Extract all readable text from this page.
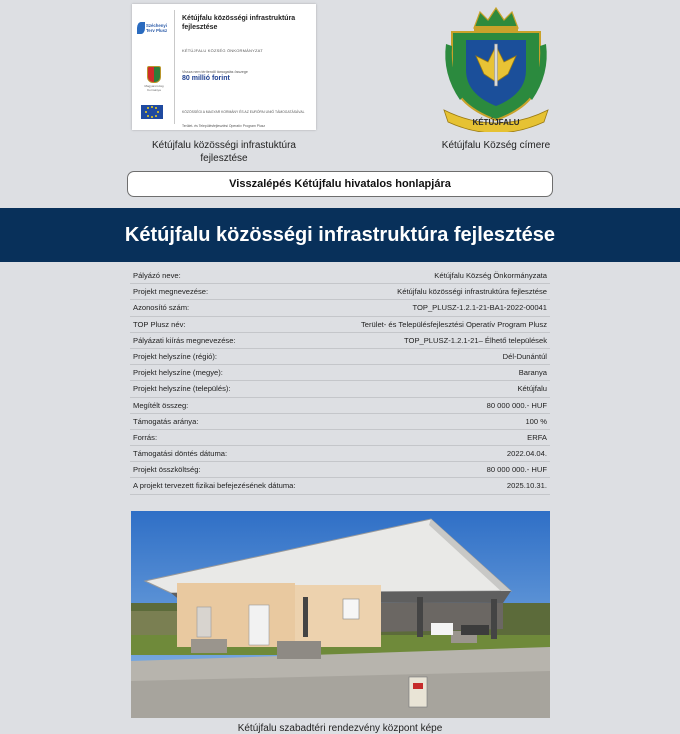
Széchenyi Terv Plusz
Kétújfalu közösségi infrastruktúra fejlesztése
KÉTÚJFALU KÖZSÉG ÖNKORMÁNYZAT
Vissza nem térítendő támogatás összege
80 millió forint
Magyarország Kormánya
KÖZÖSSÉGI A MAGYAR KORMÁNY ÉS AZ EURÓPAI UNIÓ TÁMOGATÁSÁVAL
Terület- és Településfejlesztési Operatív Program Plusz	KÉTÚJFALU
Kétújfalu közösségi infrastuktúra fejlesztése
Kétújfalu Község címere
Visszalépés Kétújfalu hivatalos honlapjára
Kétújfalu közösségi infrastruktúra fejlesztése
Pályázó neve:	Kétújfalu Község Önkormányzata
Projekt megnevezése:	Kétújfalu közösségi infrastruktúra fejlesztése
Azonosító szám:	TOP_PLUSZ-1.2.1-21-BA1-2022-00041
TOP Plusz név:	Terület- és Településfejlesztési Operatív Program Plusz
Pályázati kiírás megnevezése:	TOP_PLUSZ-1.2.1-21– Élhető települések
Projekt helyszíne (régió):	Dél-Dunántúl
Projekt helyszíne (megye):	Baranya
Projekt helyszíne (település):	Kétújfalu
Megítélt összeg:	80 000 000.- HUF
Támogatás aránya:	100 %
Forrás:	ERFA
Támogatási döntés dátuma:	2022.04.04.
Projekt összköltség:	80 000 000.- HUF
A projekt tervezett fizikai befejezésének dátuma:	2025.10.31.
Kétújfalu szabadtéri rendezvény központ képe
